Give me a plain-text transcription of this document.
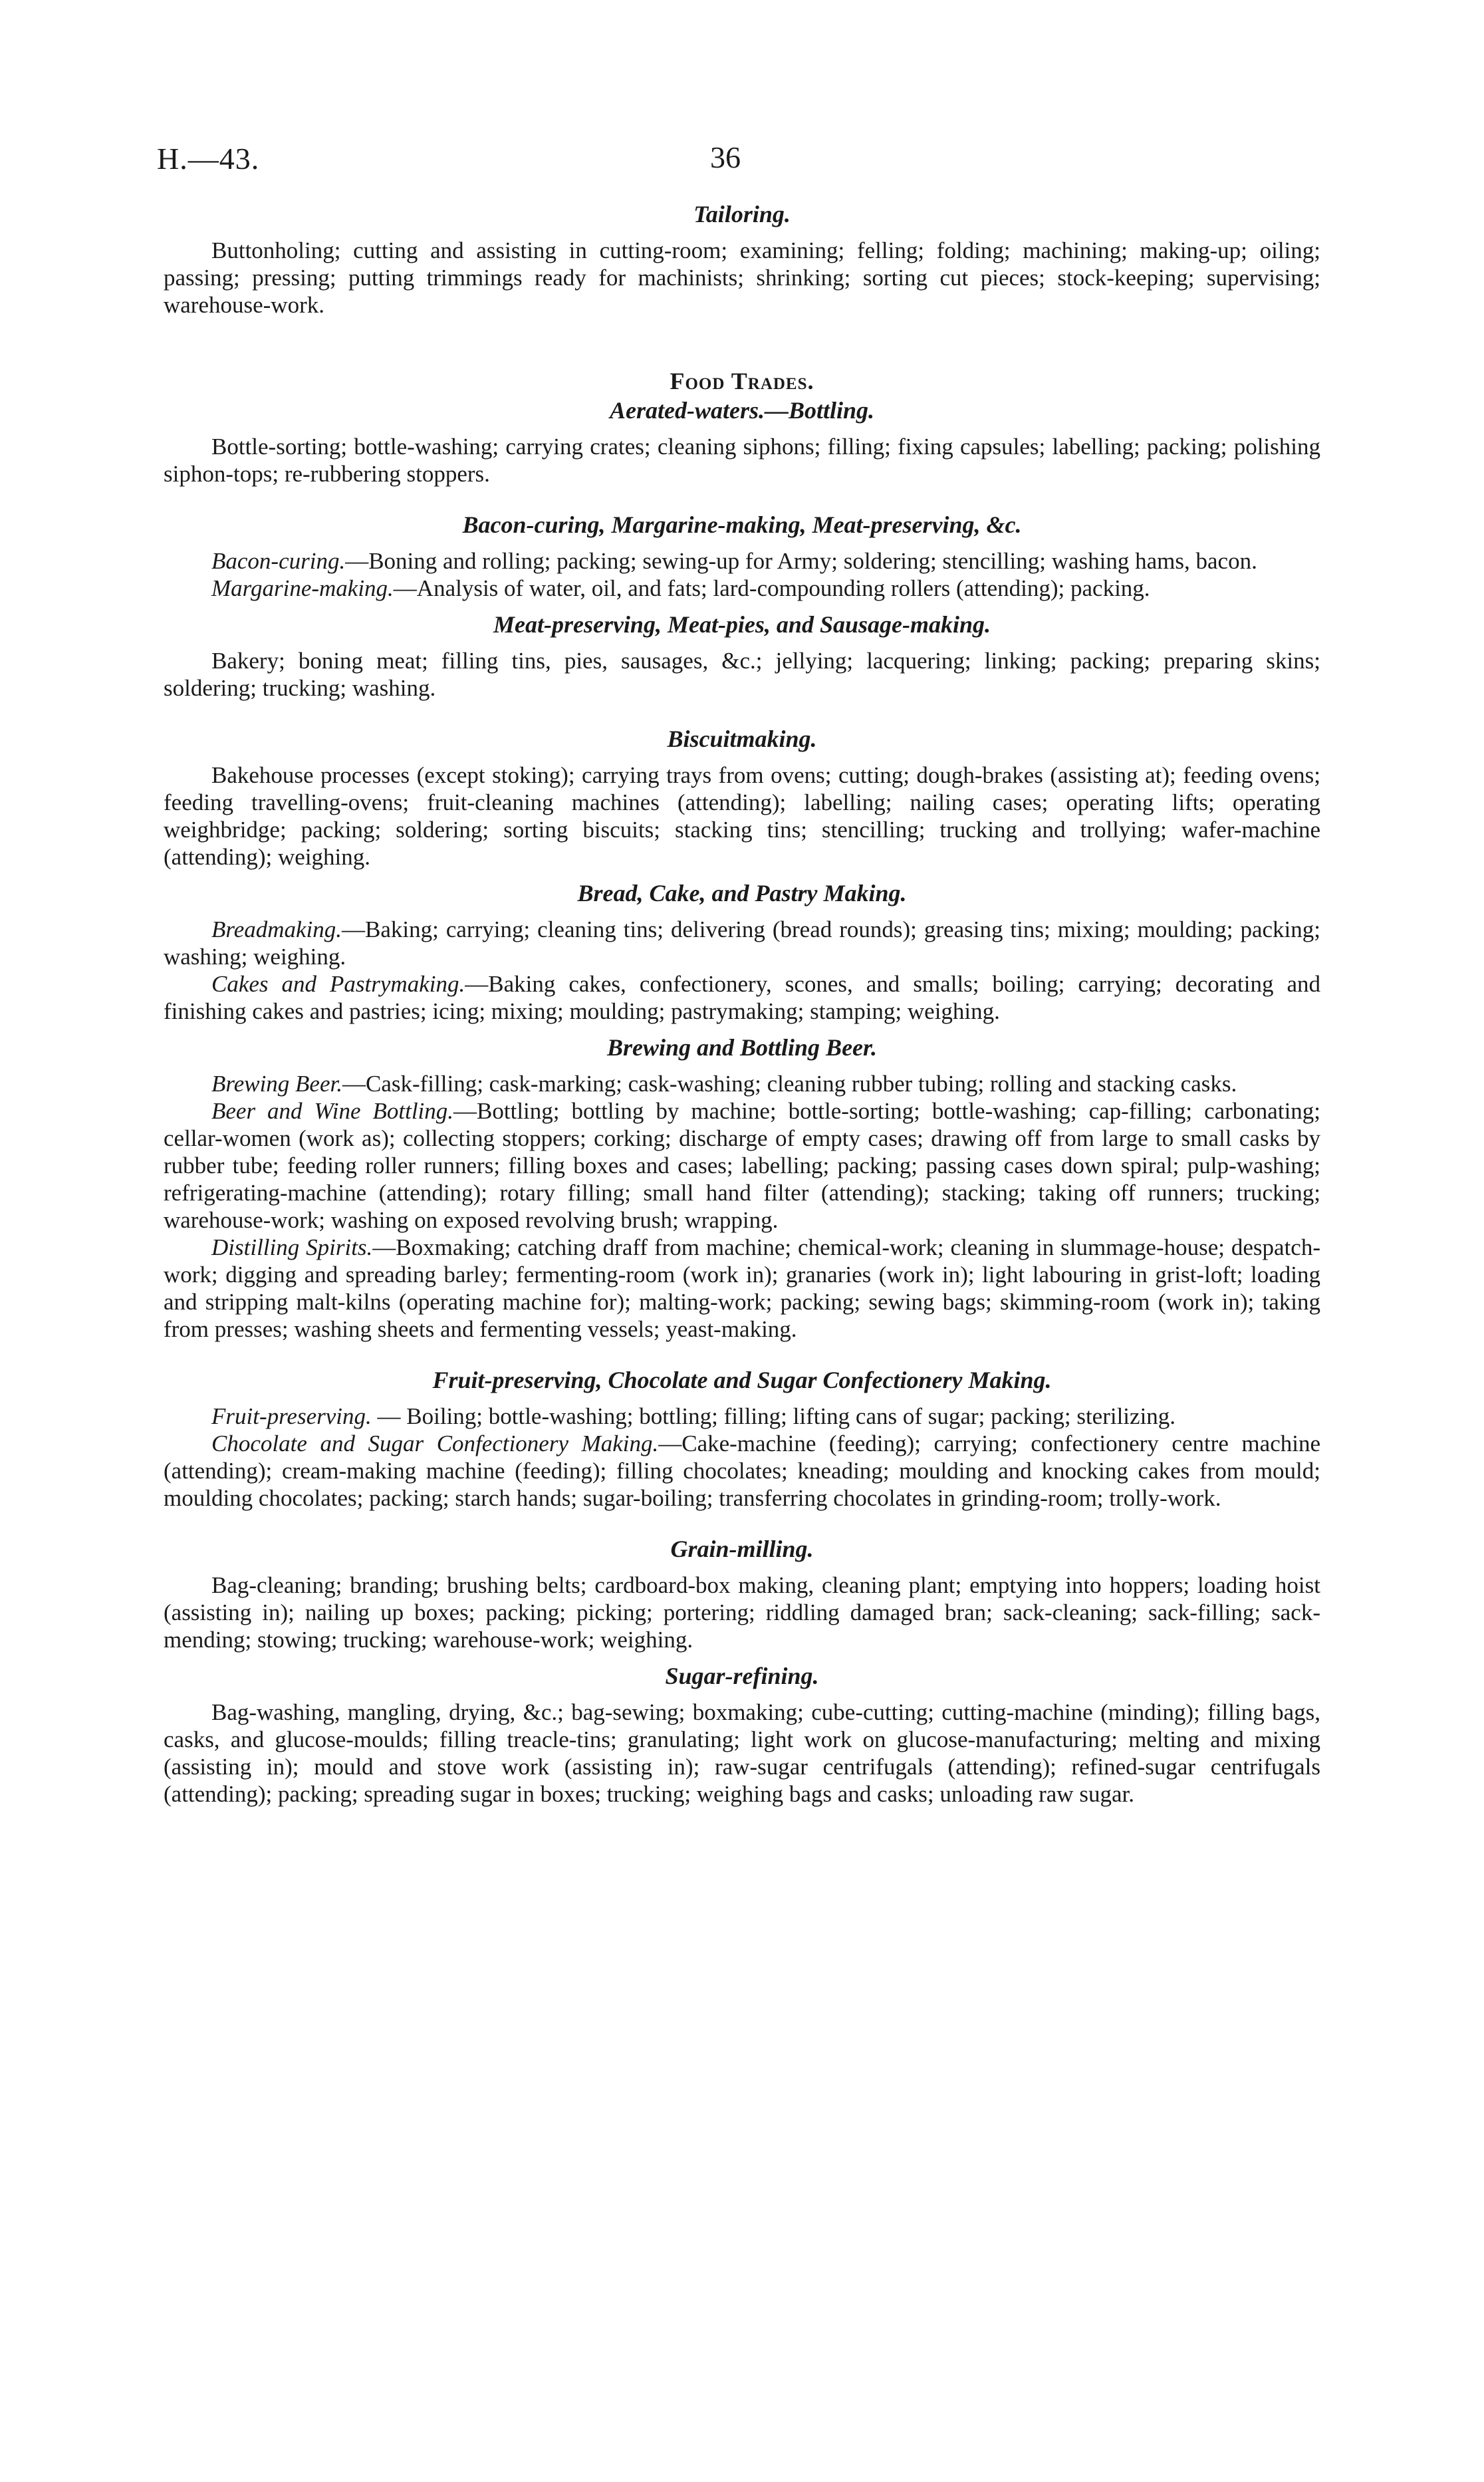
H.—43.	36
Tailoring.

Buttonholing; cutting and assisting in cutting-room; examining; felling; folding; machining; making-up; oiling; passing; pressing; putting trimmings ready for machinists; shrinking; sorting cut pieces; stock-keeping; supervising; warehouse-work.

Food Trades.
Aerated-waters.—Bottling.

Bottle-sorting; bottle-washing; carrying crates; cleaning siphons; filling; fixing capsules; labelling; packing; polishing siphon-tops; re-rubbering stoppers.

Bacon-curing, Margarine-making, Meat-preserving, &c.

Bacon-curing.—Boning and rolling; packing; sewing-up for Army; soldering; stencilling; washing hams, bacon.

Margarine-making.—Analysis of water, oil, and fats; lard-compounding rollers (attending); packing.

Meat-preserving, Meat-pies, and Sausage-making.

Bakery; boning meat; filling tins, pies, sausages, &c.; jellying; lacquering; linking; packing; preparing skins; soldering; trucking; washing.

Biscuitmaking.

Bakehouse processes (except stoking); carrying trays from ovens; cutting; dough-brakes (assisting at); feeding ovens; feeding travelling-ovens; fruit-cleaning machines (attending); labelling; nailing cases; operating lifts; operating weighbridge; packing; soldering; sorting biscuits; stacking tins; stencilling; trucking and trollying; wafer-machine (attending); weighing.

Bread, Cake, and Pastry Making.

Breadmaking.—Baking; carrying; cleaning tins; delivering (bread rounds); greasing tins; mixing; moulding; packing; washing; weighing.

Cakes and Pastrymaking.—Baking cakes, confectionery, scones, and smalls; boiling; carrying; decorating and finishing cakes and pastries; icing; mixing; moulding; pastrymaking; stamping; weighing.

Brewing and Bottling Beer.

Brewing Beer.—Cask-filling; cask-marking; cask-washing; cleaning rubber tubing; rolling and stacking casks.

Beer and Wine Bottling.—Bottling; bottling by machine; bottle-sorting; bottle-washing; cap-filling; carbonating; cellar-women (work as); collecting stoppers; corking; discharge of empty cases; drawing off from large to small casks by rubber tube; feeding roller runners; filling boxes and cases; labelling; packing; passing cases down spiral; pulp-washing; refrigerating-machine (attending); rotary filling; small hand filter (attending); stacking; taking off runners; trucking; warehouse-work; washing on exposed revolving brush; wrapping.

Distilling Spirits.—Boxmaking; catching draff from machine; chemical-work; cleaning in slummage-house; despatch-work; digging and spreading barley; fermenting-room (work in); granaries (work in); light labouring in grist-loft; loading and stripping malt-kilns (operating machine for); malting-work; packing; sewing bags; skimming-room (work in); taking from presses; washing sheets and fermenting vessels; yeast-making.

Fruit-preserving, Chocolate and Sugar Confectionery Making.

Fruit-preserving. — Boiling; bottle-washing; bottling; filling; lifting cans of sugar; packing; sterilizing.

Chocolate and Sugar Confectionery Making.—Cake-machine (feeding); carrying; confectionery centre machine (attending); cream-making machine (feeding); filling chocolates; kneading; moulding and knocking cakes from mould; moulding chocolates; packing; starch hands; sugar-boiling; transferring chocolates in grinding-room; trolly-work.

Grain-milling.

Bag-cleaning; branding; brushing belts; cardboard-box making, cleaning plant; emptying into hoppers; loading hoist (assisting in); nailing up boxes; packing; picking; portering; riddling damaged bran; sack-cleaning; sack-filling; sack-mending; stowing; trucking; warehouse-work; weighing.

Sugar-refining.

Bag-washing, mangling, drying, &c.; bag-sewing; boxmaking; cube-cutting; cutting-machine (minding); filling bags, casks, and glucose-moulds; filling treacle-tins; granulating; light work on glucose-manufacturing; melting and mixing (assisting in); mould and stove work (assisting in); raw-sugar centrifugals (attending); refined-sugar centrifugals (attending); packing; spreading sugar in boxes; trucking; weighing bags and casks; unloading raw sugar.
